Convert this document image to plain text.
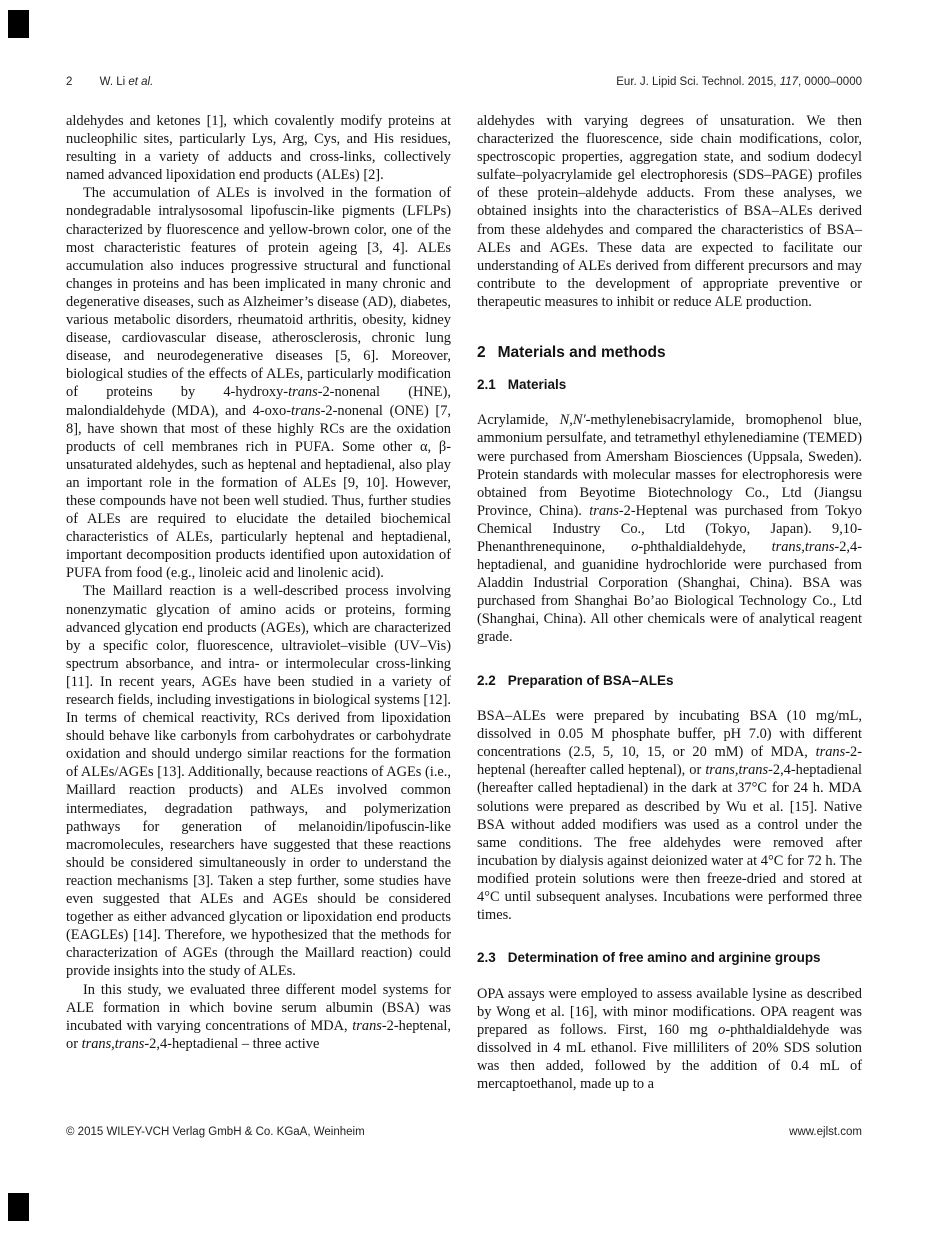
2 W. Li et al.	Eur. J. Lipid Sci. Technol. 2015, 117, 0000–0000

aldehydes and ketones [1], which covalently modify proteins at nucleophilic sites, particularly Lys, Arg, Cys, and His residues, resulting in a variety of adducts and cross-links, collectively named advanced lipoxidation end products (ALEs) [2].

The accumulation of ALEs is involved in the formation of nondegradable intralysosomal lipofuscin-like pigments (LFLPs) characterized by fluorescence and yellow-brown color, one of the most characteristic features of protein ageing [3, 4]. ALEs accumulation also induces progressive structural and functional changes in proteins and has been implicated in many chronic and degenerative diseases, such as Alzheimer’s disease (AD), diabetes, various metabolic disorders, rheumatoid arthritis, obesity, kidney disease, cardiovascular disease, atherosclerosis, chronic lung disease, and neurodegenerative diseases [5, 6]. Moreover, biological studies of the effects of ALEs, particularly modification of proteins by 4-hydroxy-trans-2-nonenal (HNE), malondialdehyde (MDA), and 4-oxo-trans-2-nonenal (ONE) [7, 8], have shown that most of these highly RCs are the oxidation products of cell membranes rich in PUFA. Some other α, β-unsaturated aldehydes, such as heptenal and heptadienal, also play an important role in the formation of ALEs [9, 10]. However, these compounds have not been well studied. Thus, further studies of ALEs are required to elucidate the detailed biochemical characteristics of ALEs, particularly heptenal and heptadienal, important decomposition products identified upon autoxidation of PUFA from food (e.g., linoleic acid and linolenic acid).

The Maillard reaction is a well-described process involving nonenzymatic glycation of amino acids or proteins, forming advanced glycation end products (AGEs), which are characterized by a specific color, fluorescence, ultraviolet–visible (UV–Vis) spectrum absorbance, and intra- or intermolecular cross-linking [11]. In recent years, AGEs have been studied in a variety of research fields, including investigations in biological systems [12]. In terms of chemical reactivity, RCs derived from lipoxidation should behave like carbonyls from carbohydrates or carbohydrate oxidation and should undergo similar reactions for the formation of ALEs/AGEs [13]. Additionally, because reactions of AGEs (i.e., Maillard reaction products) and ALEs involved common intermediates, degradation pathways, and polymerization pathways for generation of melanoidin/lipofuscin-like macromolecules, researchers have suggested that these reactions should be considered simultaneously in order to understand the reaction mechanisms [3]. Taken a step further, some studies have even suggested that ALEs and AGEs should be considered together as either advanced glycation or lipoxidation end products (EAGLEs) [14]. Therefore, we hypothesized that the methods for characterization of AGEs (through the Maillard reaction) could provide insights into the study of ALEs.

In this study, we evaluated three different model systems for ALE formation in which bovine serum albumin (BSA) was incubated with varying concentrations of MDA, trans-2-heptenal, or trans,trans-2,4-heptadienal – three active

aldehydes with varying degrees of unsaturation. We then characterized the fluorescence, side chain modifications, color, spectroscopic properties, aggregation state, and sodium dodecyl sulfate–polyacrylamide gel electrophoresis (SDS–PAGE) profiles of these protein–aldehyde adducts. From these analyses, we obtained insights into the characteristics of BSA–ALEs derived from these aldehydes and compared the characteristics of BSA–ALEs and AGEs. These data are expected to facilitate our understanding of ALEs derived from different precursors and may contribute to the development of appropriate preventive or therapeutic measures to inhibit or reduce ALE production.

2 Materials and methods
2.1 Materials

Acrylamide, N,N′-methylenebisacrylamide, bromophenol blue, ammonium persulfate, and tetramethyl ethylenediamine (TEMED) were purchased from Amersham Biosciences (Uppsala, Sweden). Protein standards with molecular masses for electrophoresis were obtained from Beyotime Biotechnology Co., Ltd (Jiangsu Province, China). trans-2-Heptenal was purchased from Tokyo Chemical Industry Co., Ltd (Tokyo, Japan). 9,10-Phenanthrenequinone, o-phthaldialdehyde, trans,trans-2,4-heptadienal, and guanidine hydrochloride were purchased from Aladdin Industrial Corporation (Shanghai, China). BSA was purchased from Shanghai Bo’ao Biological Technology Co., Ltd (Shanghai, China). All other chemicals were of analytical reagent grade.

2.2 Preparation of BSA–ALEs

BSA–ALEs were prepared by incubating BSA (10 mg/mL, dissolved in 0.05 M phosphate buffer, pH 7.0) with different concentrations (2.5, 5, 10, 15, or 20 mM) of MDA, trans-2-heptenal (hereafter called heptenal), or trans,trans-2,4-heptadienal (hereafter called heptadienal) in the dark at 37°C for 24 h. MDA solutions were prepared as described by Wu et al. [15]. Native BSA without added modifiers was used as a control under the same conditions. The free aldehydes were removed after incubation by dialysis against deionized water at 4°C for 72 h. The modified protein solutions were then freeze-dried and stored at 4°C until subsequent analyses. Incubations were performed three times.

2.3 Determination of free amino and arginine groups

OPA assays were employed to assess available lysine as described by Wong et al. [16], with minor modifications. OPA reagent was prepared as follows. First, 160 mg o-phthaldialdehyde was dissolved in 4 mL ethanol. Five milliliters of 20% SDS solution was then added, followed by the addition of 0.4 mL of mercaptoethanol, made up to a

© 2015 WILEY-VCH Verlag GmbH & Co. KGaA, Weinheim	www.ejlst.com
